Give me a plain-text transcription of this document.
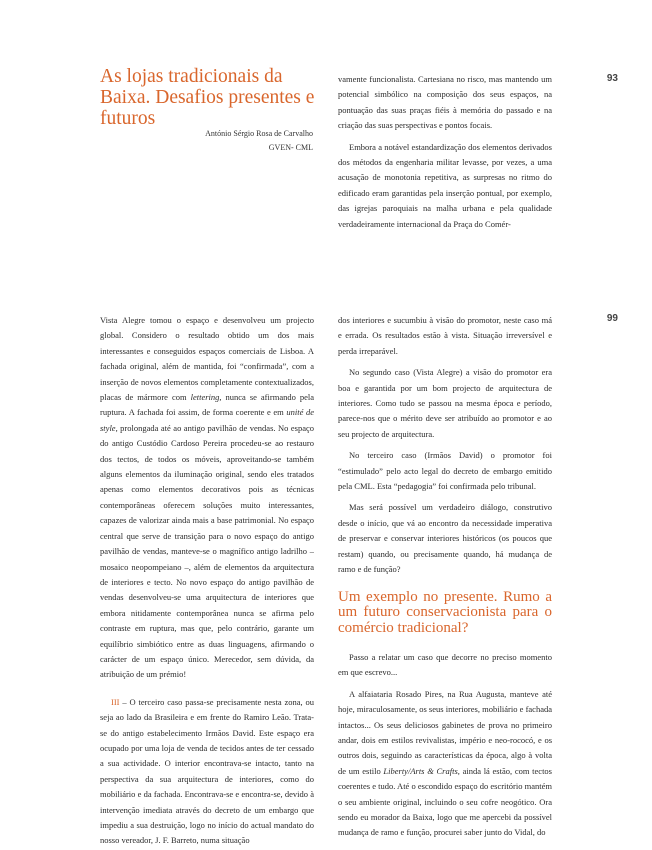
93
As lojas tradicionais da Baixa. Desafios presentes e futuros
António Sérgio Rosa de Carvalho
GVEN- CML

vamente funcionalista. Cartesiana no risco, mas mantendo um potencial simbólico na composição dos seus espaços, na pontuação das suas praças fiéis à memória do passado e na criação das suas perspectivas e pontos focais.

Embora a notável estandardização dos elementos derivados dos métodos da engenharia militar levasse, por vezes, a uma acusação de monotonia repetitiva, as surpresas no ritmo do edificado eram garantidas pela inserção pontual, por exemplo, das igrejas paroquiais na malha urbana e pela qualidade verdadeiramente internacional da Praça do Comér-

99

Vista Alegre tomou o espaço e desenvolveu um projecto global. Considero o resultado obtido um dos mais interessantes e conseguidos espaços comerciais de Lisboa. A fachada original, além de mantida, foi “confirmada”, com a inserção de novos elementos completamente contextualizados, placas de mármore com lettering, nunca se afirmando pela ruptura. A fachada foi assim, de forma coerente e em unité de style, prolongada até ao antigo pavilhão de vendas. No espaço do antigo Custódio Cardoso Pereira procedeu-se ao restauro dos tectos, de todos os móveis, aproveitando-se também alguns elementos da iluminação original, sendo eles tratados apenas como elementos decorativos pois as técnicas contemporâneas oferecem soluções muito interessantes, capazes de valorizar ainda mais a base patrimonial. No espaço central que serve de transição para o novo espaço do antigo pavilhão de vendas, manteve-se o magnífico antigo ladrilho – mosaico neopompeiano –, além de elementos da arquitectura de interiores e tecto. No novo espaço do antigo pavilhão de vendas desenvolveu-se uma arquitectura de interiores que embora nitidamente contemporânea nunca se afirma pelo contraste em ruptura, mas que, pelo contrário, garante um equilíbrio simbiótico entre as duas linguagens, afirmando o carácter de um espaço único. Merecedor, sem dúvida, da atribuição de um prémio!

III – O terceiro caso passa-se precisamente nesta zona, ou seja ao lado da Brasileira e em frente do Ramiro Leão. Trata-se do antigo estabelecimento Irmãos David. Este espaço era ocupado por uma loja de venda de tecidos antes de ter cessado a sua actividade. O interior encontrava-se intacto, tanto na perspectiva da sua arquitectura de interiores, como do mobiliário e da fachada. Encontrava-se e encontra-se, devido à intervenção imediata através do decreto de um embargo que impediu a sua destruição, logo no início do actual mandato do nosso vereador, J. F. Barreto, numa situação

dos interiores e sucumbiu à visão do promotor, neste caso má e errada. Os resultados estão à vista. Situação irreversível e perda irreparável.

No segundo caso (Vista Alegre) a visão do promotor era boa e garantida por um bom projecto de arquitectura de interiores. Como tudo se passou na mesma época e período, parece-nos que o mérito deve ser atribuído ao promotor e ao seu projecto de arquitectura.

No terceiro caso (Irmãos David) o promotor foi “estimulado” pelo acto legal do decreto de embargo emitido pela CML. Esta “pedagogia” foi confirmada pelo tribunal.

Mas será possível um verdadeiro diálogo, construtivo desde o início, que vá ao encontro da necessidade imperativa de preservar e conservar interiores históricos (os poucos que restam) quando, ou precisamente quando, há mudança de ramo e de função?

Um exemplo no presente. Rumo a um futuro conservacionista para o comércio tradicional?

Passo a relatar um caso que decorre no preciso momento em que escrevo...

A alfaiataria Rosado Pires, na Rua Augusta, manteve até hoje, miraculosamente, os seus interiores, mobiliário e fachada intactos... Os seus deliciosos gabinetes de prova no primeiro andar, dois em estilos revivalistas, império e neo-rococó, e os outros dois, seguindo as características da época, algo à volta de um estilo Liberty/Arts & Crafts, ainda lá estão, com tectos coerentes e tudo. Até o escondido espaço do escritório mantém o seu ambiente original, incluindo o seu cofre neogótico. Ora sendo eu morador da Baixa, logo que me apercebi da possível mudança de ramo e função, procurei saber junto do Vidal, do
